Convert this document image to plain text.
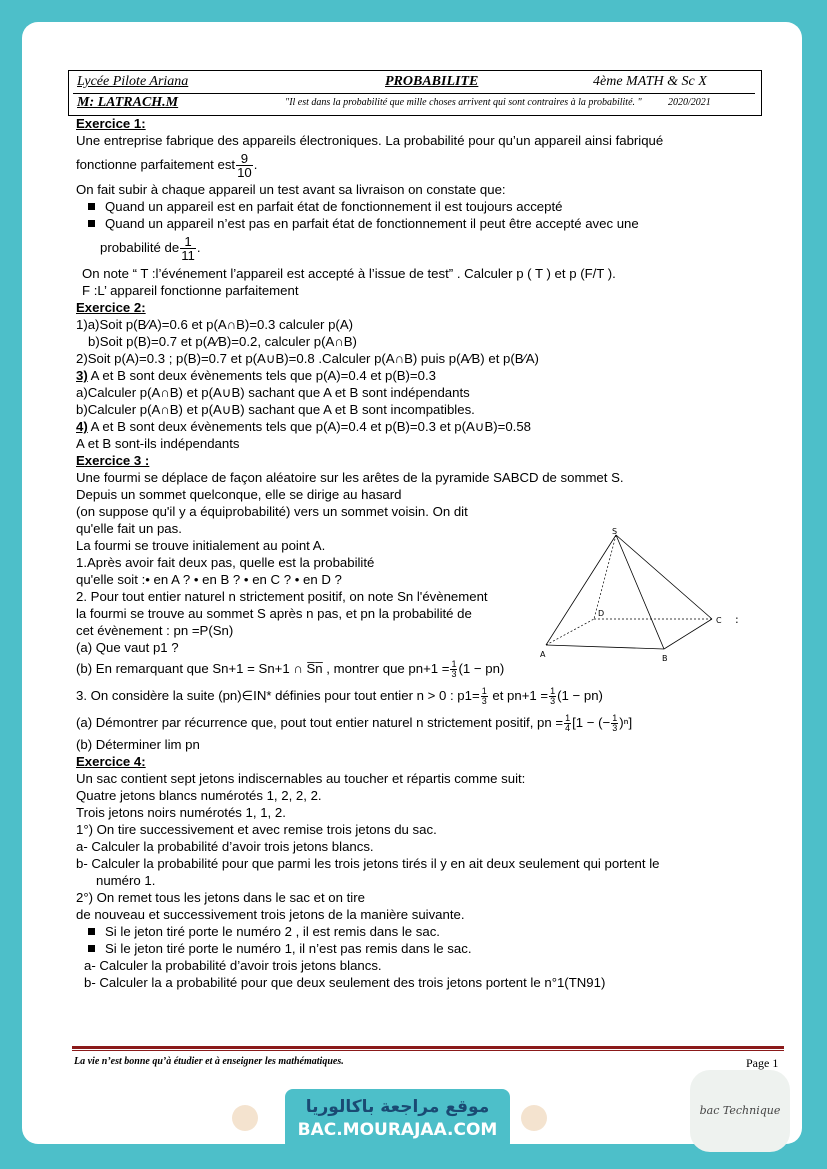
Lycée Pilote Ariana	PROBABILITE	4ème MATH & Sc X
M: LATRACH.M	"Il est dans la probabilité que mille choses arrivent qui sont contraires à la probabilité. "	2020/2021

Exercice 1:

Une entreprise fabrique des appareils électroniques. La probabilité pour qu’un appareil ainsi fabriqué

fonctionne parfaitement est $\frac{9}{10}$ .

On fait subir à chaque appareil un test avant sa livraison on constate que:

Quand un appareil est en parfait état de fonctionnement il est toujours accepté

Quand un appareil n’est pas en parfait état de fonctionnement il peut être accepté avec une

probabilité de $\frac{1}{11}$ .

On note “ T :l’événement l’appareil est accepté à l’issue de test” . Calculer p ( T ) et p (F/T ).

F :L’ appareil fonctionne parfaitement

Exercice 2:

1)a)Soit p(B∕A)=0.6 et p(A∩B)=0.3 calculer p(A)

b)Soit p(B)=0.7 et p(A∕B)=0.2, calculer p(A∩B)

2)Soit p(A)=0.3 ; p(B)=0.7 et p(A∪B)=0.8 .Calculer p(A∩B) puis p(A∕B) et p(B∕A)

3) A et B sont deux évènements tels que p(A)=0.4 et p(B)=0.3

a)Calculer p(A∩B) et p(A∪B) sachant que A et B sont indépendants

b)Calculer p(A∩B) et p(A∪B) sachant que A et B sont incompatibles.

4) A et B sont deux évènements tels que p(A)=0.4 et p(B)=0.3 et p(A∪B)=0.58

A et B sont-ils indépendants

Exercice 3 :

Une fourmi se déplace de façon aléatoire sur les arêtes de la pyramide SABCD de sommet S.

Depuis un sommet quelconque, elle se dirige au hasard

(on suppose qu'il y a équiprobabilité) vers un sommet voisin. On dit

qu'elle fait un pas.

La fourmi se trouve initialement au point A.

1.Après avoir fait deux pas, quelle est la probabilité

qu'elle soit :• en A ? • en B ? • en C ? • en D ?

2. Pour tout entier naturel n strictement positif, on note Sn l'évènement

la fourmi se trouve au sommet S après n pas, et pn la probabilité de

cet évènement : pn =P(Sn)

(a) Que vaut p1 ?

(b) En remarquant que Sn+1 = Sn+1 ∩ S̅n̅ , montrer que $pn+1 = \frac{1}{3} (1 - pn)$

3. On considère la suite (pn)∈IN* définies pour tout entier n > 0 : $p1= \frac{1}{3}$ et $pn+1 = \frac{1}{3} (1 - pn)$

(a) Démontrer par récurrence que, pout tout entier naturel n strictement positif, pn = $\frac{1}{4} [1$ − (− $\frac{1}{3} )^n$]

(b) Déterminer lim pn

Exercice 4:

Un sac contient sept jetons indiscernables au toucher et répartis comme suit:

Quatre jetons blancs numérotés 1, 2, 2, 2.

Trois jetons noirs numérotés 1, 1, 2.

1°) On tire successivement et avec remise trois jetons du sac.

a- Calculer la probabilité d’avoir trois jetons blancs.

b- Calculer la probabilité pour que parmi les trois jetons tirés il y en ait deux seulement qui portent le

numéro 1.

2°) On remet tous les jetons dans le sac et on tire

de nouveau et successivement trois jetons de la manière suivante.

Si le jeton tiré porte le numéro 2 , il est remis dans le sac.

Si le jeton tiré porte le numéro 1, il n’est pas remis dans le sac.

a- Calculer la probabilité d’avoir trois jetons blancs.

b- Calculer la a probabilité pour que deux seulement des trois jetons portent le n°1(TN91)

S
A	B
C
D	:
La vie n’est bonne qu’à étudier et à enseigner les mathématiques.	Page 1
موقع مراجعة باكالوريا
BAC.MOURAJAA.COM
bac Technique
